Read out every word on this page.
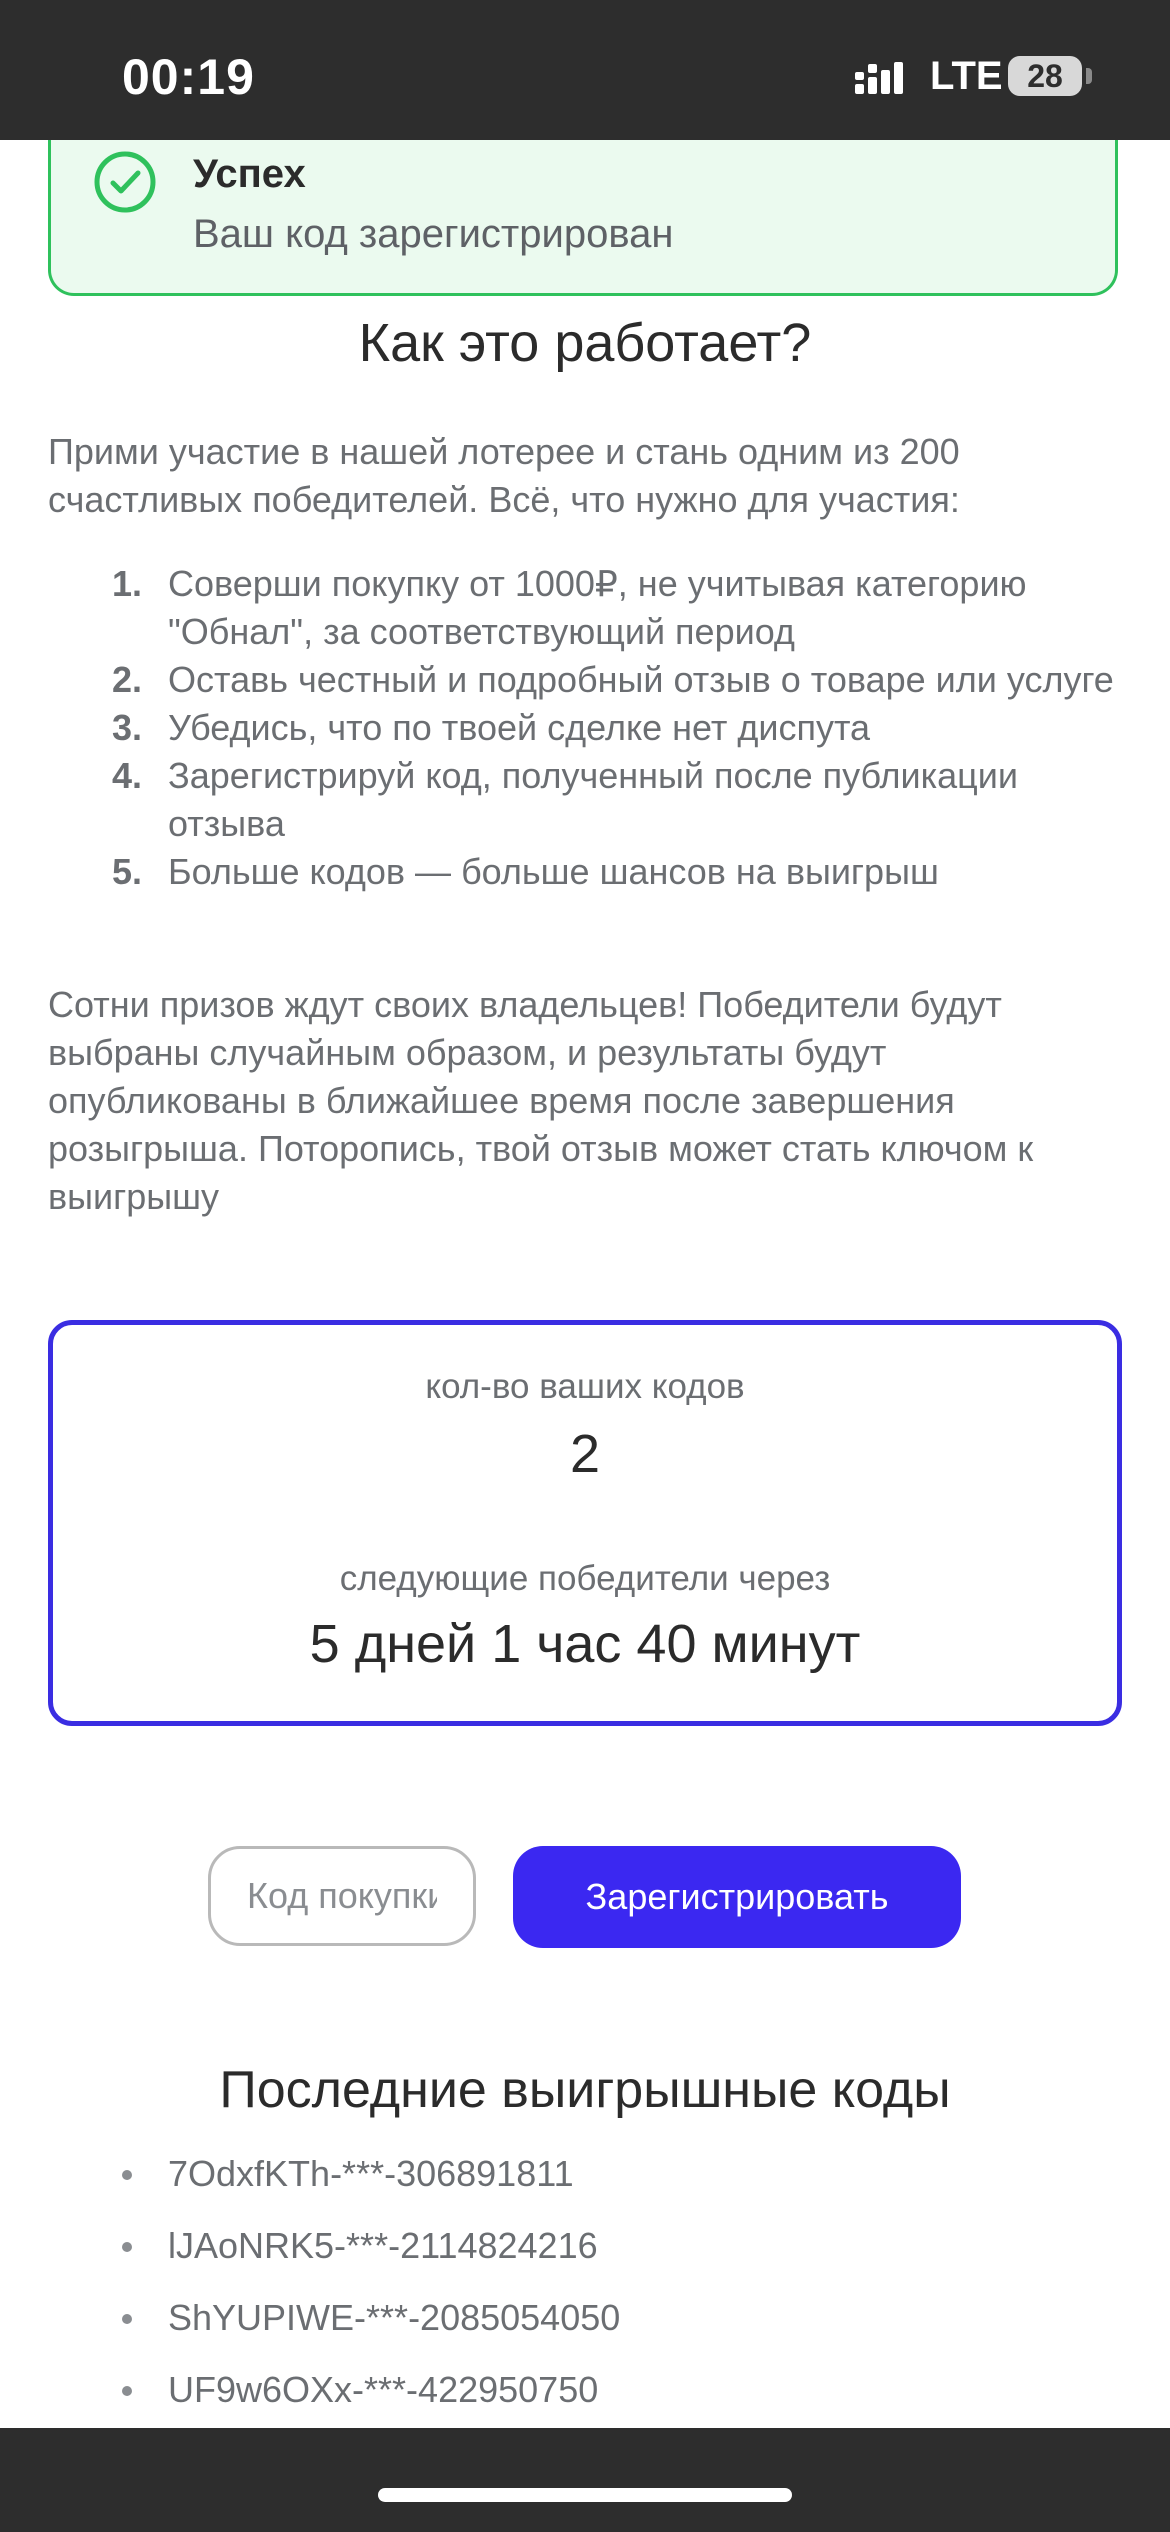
00:19	LTE 28
Успех
Ваш код зарегистрирован
Как это работает?

Прими участие в нашей лотерее и стань одним из 200 счастливых победителей. Всё, что нужно для участия:

1. Соверши покупку от 1000₽, не учитывая категорию "Обнал", за соответствующий период
2. Оставь честный и подробный отзыв о товаре или услуге
3. Убедись, что по твоей сделке нет диспута
4. Зарегистрируй код, полученный после публикации отзыва
5. Больше кодов — больше шансов на выигрыш

Сотни призов ждут своих владельцев! Победители будут выбраны случайным образом, и результаты будут опубликованы в ближайшее время после завершения розыгрыша. Поторопись, твой отзыв может стать ключом к выигрышу

кол-во ваших кодов
2
следующие победители через
5 дней 1 час 40 минут
Код покупки
Зарегистрировать
Последние выигрышные коды
7OdxfKTh-***-306891811
lJAoNRK5-***-2114824216
ShYUPIWE-***-2085054050
UF9w6OXx-***-422950750
